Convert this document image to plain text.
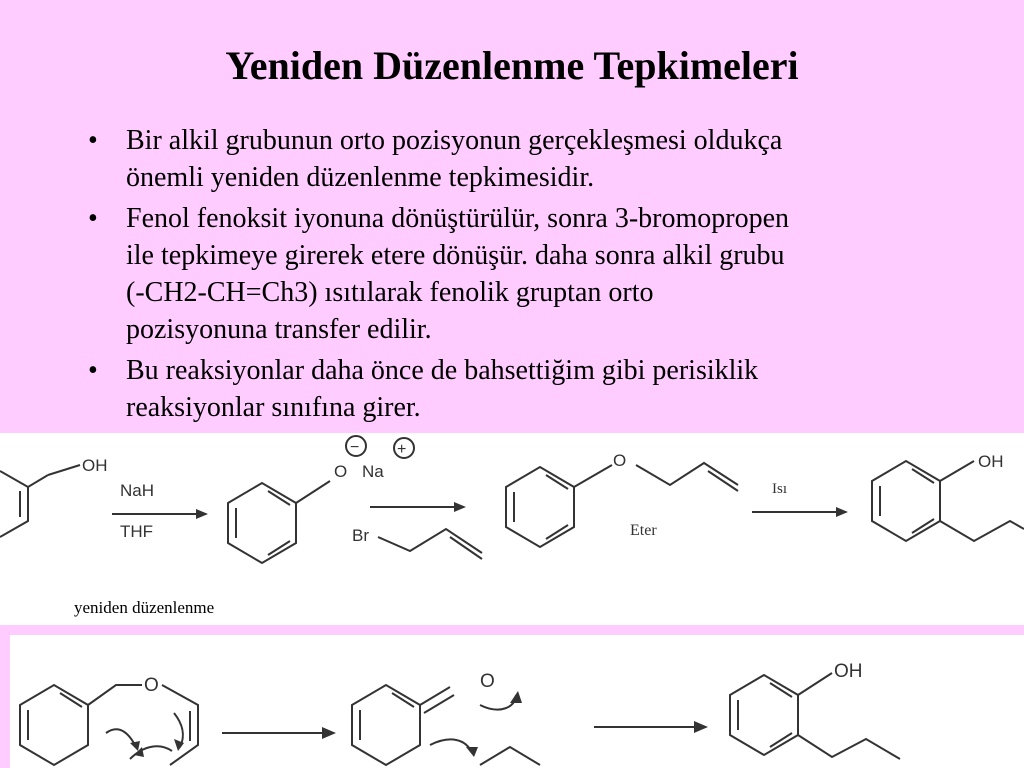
Yeniden Düzenlenme Tepkimeleri
• Bir alkil grubunun orto pozisyonun gerçekleşmesi oldukça
önemli yeniden düzenlenme tepkimesidir.
• Fenol fenoksit iyonuna dönüştürülür, sonra 3-bromopropen
ile tepkimeye girerek etere dönüşür. daha sonra alkil grubu
(-CH2-CH=Ch3) ısıtılarak fenolik gruptan orto
pozisyonuna transfer edilir.
• Bu reaksiyonlar daha önce de bahsettiğim gibi perisiklik
reaksiyonlar sınıfına girer.
OH
NaH
THF
− +
O Na
Br
O
Eter
Isı
OH
yeniden düzenlenme
O	O	OH
